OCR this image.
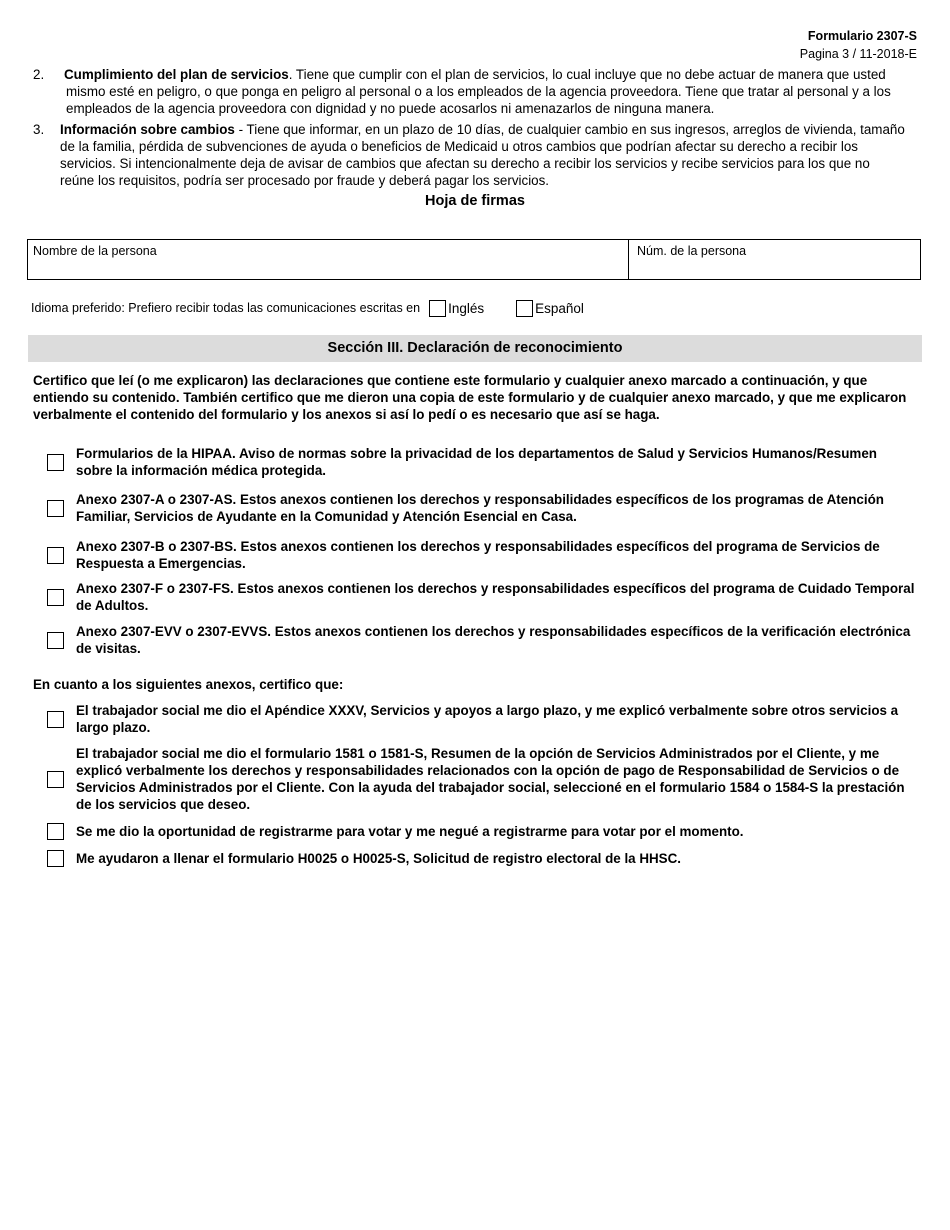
Formulario 2307-S
Pagina 3 / 11-2018-E
2.	Cumplimiento del plan de servicios. Tiene que cumplir con el plan de servicios, lo cual incluye que no debe actuar de manera que usted mismo esté en peligro, o que ponga en peligro al personal o a los empleados de la agencia proveedora. Tiene que tratar al personal y a los empleados de la agencia proveedora con dignidad y no puede acosarlos ni amenazarlos de ninguna manera.
3.	Información sobre cambios - Tiene que informar, en un plazo de 10 días, de cualquier cambio en sus ingresos, arreglos de vivienda, tamaño de la familia, pérdida de subvenciones de ayuda o beneficios de Medicaid u otros cambios que podrían afectar su derecho a recibir los servicios. Si intencionalmente deja de avisar de cambios que afectan su derecho a recibir los servicios y recibe servicios para los que no reúne los requisitos, podría ser procesado por fraude y deberá pagar los servicios.
Hoja de firmas
Nombre de la persona	Núm. de la persona
Idioma preferido: Prefiero recibir todas las comunicaciones escritas en Inglés	Español
Sección III. Declaración de reconocimiento
Certifico que leí (o me explicaron) las declaraciones que contiene este formulario y cualquier anexo marcado a continuación, y que entiendo su contenido. También certifico que me dieron una copia de este formulario y de cualquier anexo marcado, y que me explicaron verbalmente el contenido del formulario y los anexos si así lo pedí o es necesario que así se haga.
Formularios de la HIPAA. Aviso de normas sobre la privacidad de los departamentos de Salud y Servicios Humanos/Resumen sobre la información médica protegida.
Anexo 2307-A o 2307-AS. Estos anexos contienen los derechos y responsabilidades específicos de los programas de Atención Familiar, Servicios de Ayudante en la Comunidad y Atención Esencial en Casa.
Anexo 2307-B o 2307-BS. Estos anexos contienen los derechos y responsabilidades específicos del programa de Servicios de Respuesta a Emergencias.
Anexo 2307-F o 2307-FS. Estos anexos contienen los derechos y responsabilidades específicos del programa de Cuidado Temporal de Adultos.
Anexo 2307-EVV o 2307-EVVS. Estos anexos contienen los derechos y responsabilidades específicos de la verificación electrónica de visitas.
En cuanto a los siguientes anexos, certifico que:
El trabajador social me dio el Apéndice XXXV, Servicios y apoyos a largo plazo, y me explicó verbalmente sobre otros servicios a largo plazo.
El trabajador social me dio el formulario 1581 o 1581-S, Resumen de la opción de Servicios Administrados por el Cliente, y me explicó verbalmente los derechos y responsabilidades relacionados con la opción de pago de Responsabilidad de Servicios o de Servicios Administrados por el Cliente. Con la ayuda del trabajador social, seleccioné en el formulario 1584 o 1584-S la prestación de los servicios que deseo.
Se me dio la oportunidad de registrarme para votar y me negué a registrarme para votar por el momento.
Me ayudaron a llenar el formulario H0025 o H0025-S, Solicitud de registro electoral de la HHSC.
